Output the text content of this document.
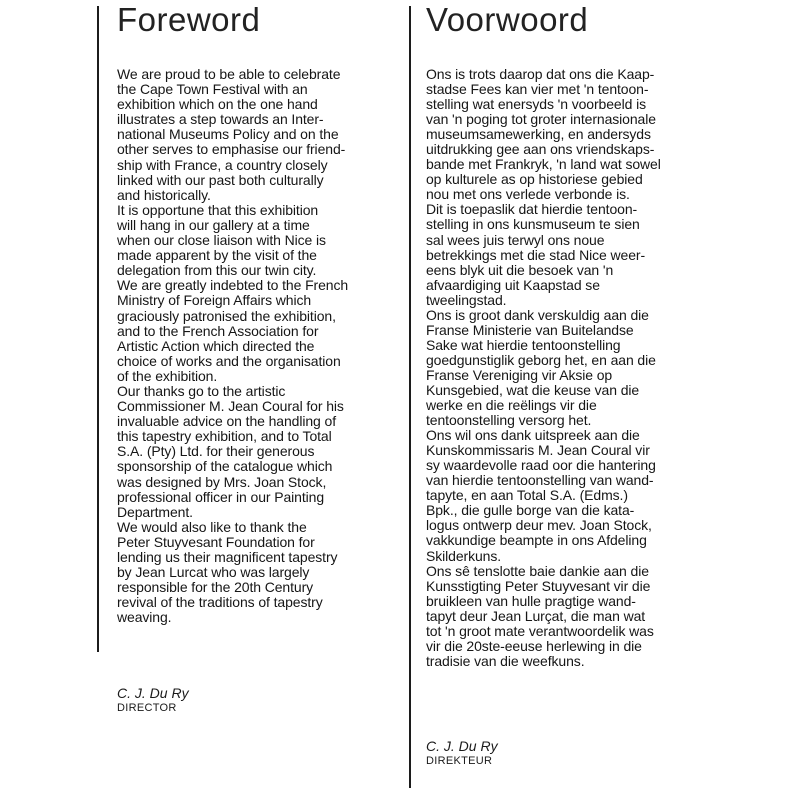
Foreword
We are proud to be able to celebrate
the Cape Town Festival with an
exhibition which on the one hand
illustrates a step towards an Inter-
national Museums Policy and on the
other serves to emphasise our friend-
ship with France, a country closely
linked with our past both culturally
and historically.
It is opportune that this exhibition
will hang in our gallery at a time
when our close liaison with Nice is
made apparent by the visit of the
delegation from this our twin city.
We are greatly indebted to the French
Ministry of Foreign Affairs which
graciously patronised the exhibition,
and to the French Association for
Artistic Action which directed the
choice of works and the organisation
of the exhibition.
Our thanks go to the artistic
Commissioner M. Jean Coural for his
invaluable advice on the handling of
this tapestry exhibition, and to Total
S.A. (Pty) Ltd. for their generous
sponsorship of the catalogue which
was designed by Mrs. Joan Stock,
professional officer in our Painting
Department.
We would also like to thank the
Peter Stuyvesant Foundation for
lending us their magnificent tapestry
by Jean Lurcat who was largely
responsible for the 20th Century
revival of the traditions of tapestry
weaving.
C. J. Du Ry
DIRECTOR
Voorwoord
Ons is trots daarop dat ons die Kaap-
stadse Fees kan vier met 'n tentoon-
stelling wat enersyds 'n voorbeeld is
van 'n poging tot groter internasionale
museumsamewerking, en andersyds
uitdrukking gee aan ons vriendskaps-
bande met Frankryk, 'n land wat sowel
op kulturele as op historiese gebied
nou met ons verlede verbonde is.
Dit is toepaslik dat hierdie tentoon-
stelling in ons kunsmuseum te sien
sal wees juis terwyl ons noue
betrekkings met die stad Nice weer-
eens blyk uit die besoek van 'n
afvaardiging uit Kaapstad se
tweelingstad.
Ons is groot dank verskuldig aan die
Franse Ministerie van Buitelandse
Sake wat hierdie tentoonstelling
goedgunstiglik geborg het, en aan die
Franse Vereniging vir Aksie op
Kunsgebied, wat die keuse van die
werke en die reëlings vir die
tentoonstelling versorg het.
Ons wil ons dank uitspreek aan die
Kunskommissaris M. Jean Coural vir
sy waardevolle raad oor die hantering
van hierdie tentoonstelling van wand-
tapyte, en aan Total S.A. (Edms.)
Bpk., die gulle borge van die kata-
logus ontwerp deur mev. Joan Stock,
vakkundige beampte in ons Afdeling
Skilderkuns.
Ons sê tenslotte baie dankie aan die
Kunsstigting Peter Stuyvesant vir die
bruikleen van hulle pragtige wand-
tapyt deur Jean Lurçat, die man wat
tot 'n groot mate verantwoordelik was
vir die 20ste-eeuse herlewing in die
tradisie van die weefkuns.
C. J. Du Ry
DIREKTEUR
